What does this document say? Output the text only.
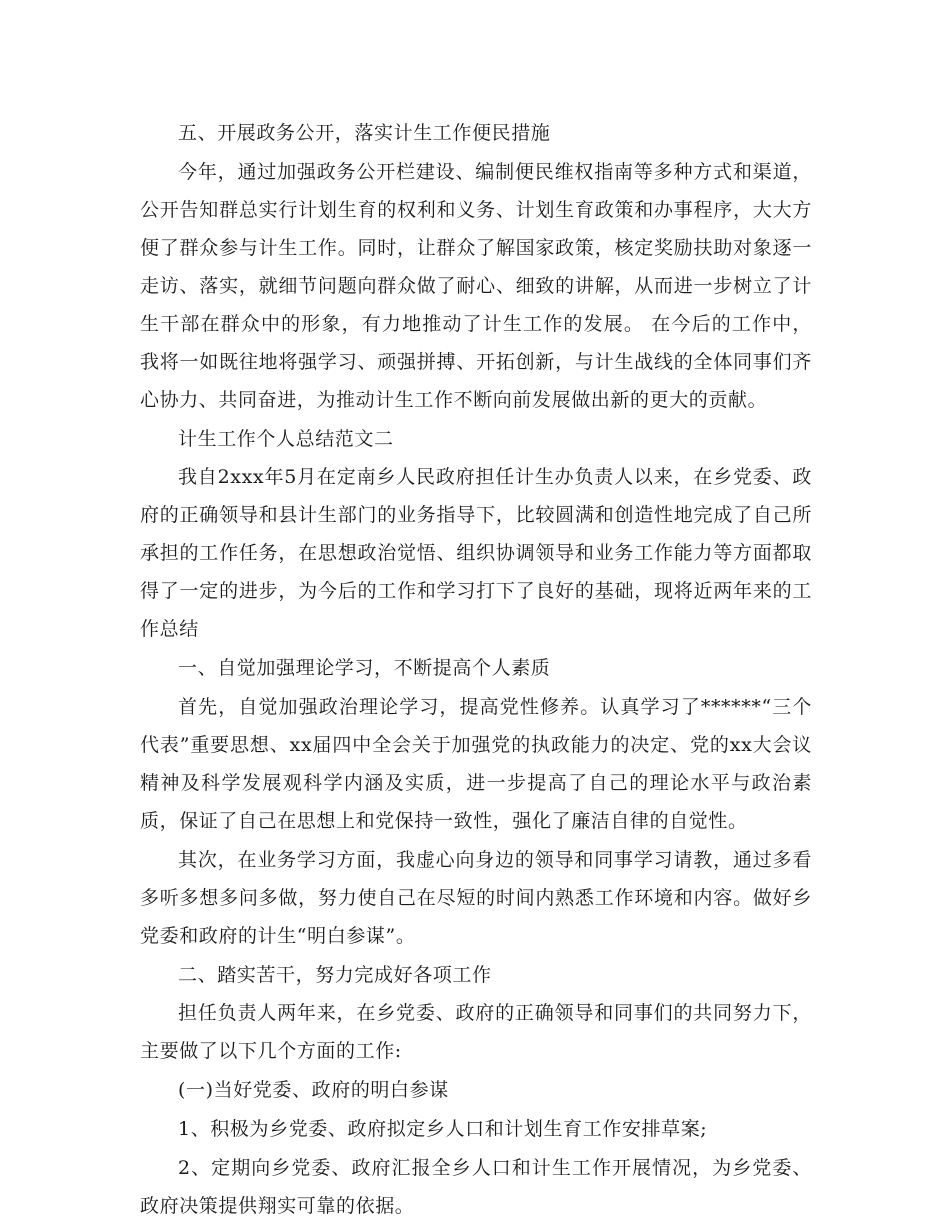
五、开展政务公开，落实计生工作便民措施

今年，通过加强政务公开栏建设、编制便民维权指南等多种方式和渠道，公开告知群总实行计划生育的权利和义务、计划生育政策和办事程序，大大方便了群众参与计生工作。同时，让群众了解国家政策，核定奖励扶助对象逐一走访、落实，就细节问题向群众做了耐心、细致的讲解，从而进一步树立了计生干部在群众中的形象，有力地推动了计生工作的发展。 在今后的工作中，我将一如既往地将强学习、顽强拼搏、开拓创新，与计生战线的全体同事们齐心协力、共同奋进，为推动计生工作不断向前发展做出新的更大的贡献。

计生工作个人总结范文二

我自2xxx年5月在定南乡人民政府担任计生办负责人以来，在乡党委、政府的正确领导和县计生部门的业务指导下，比较圆满和创造性地完成了自己所承担的工作任务，在思想政治觉悟、组织协调领导和业务工作能力等方面都取得了一定的进步，为今后的工作和学习打下了良好的基础，现将近两年来的工作总结

一、自觉加强理论学习，不断提高个人素质

首先，自觉加强政治理论学习，提高党性修养。认真学习了******“三个代表”重要思想、xx届四中全会关于加强党的执政能力的决定、党的xx大会议精神及科学发展观科学内涵及实质，进一步提高了自己的理论水平与政治素质，保证了自己在思想上和党保持一致性，强化了廉洁自律的自觉性。

其次，在业务学习方面，我虚心向身边的领导和同事学习请教，通过多看多听多想多问多做，努力使自己在尽短的时间内熟悉工作环境和内容。做好乡党委和政府的计生“明白参谋”。

二、踏实苦干，努力完成好各项工作

担任负责人两年来，在乡党委、政府的正确领导和同事们的共同努力下，主要做了以下几个方面的工作:

(一)当好党委、政府的明白参谋

1、积极为乡党委、政府拟定乡人口和计划生育工作安排草案;

2、定期向乡党委、政府汇报全乡人口和计生工作开展情况，为乡党委、政府决策提供翔实可靠的依据。
